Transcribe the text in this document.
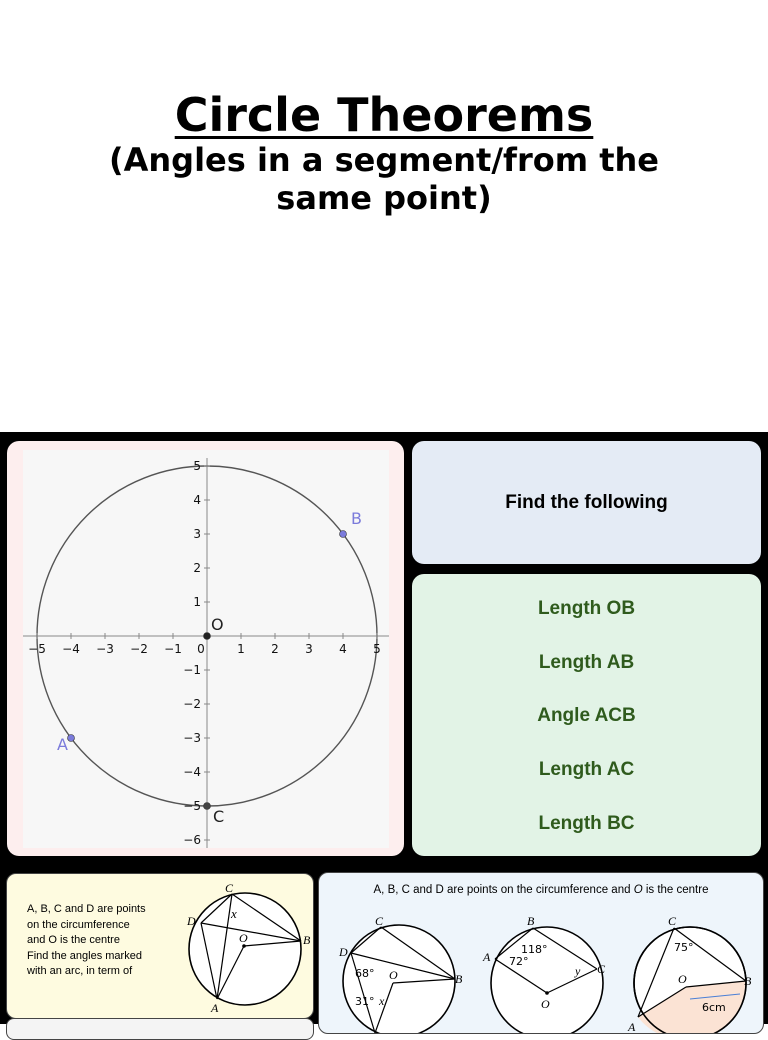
Circle Theorems
(Angles in a segment/from the
same point)
−5 −4 −3 −2 −1 0	1 2 3 4 5
5
4
3
2
1
−1
−2
−3
−4
−5
−6
A
B
O
C
Find the following
Length OB
Length AB
Angle ACB
Length AC
Length BC
A, B, C and D are points
on the circumference
and O is the centre
Find the angles marked
with an arc, in term of
C
D
O	B
A
x
A, B, C and D are points on the circumference and O is the centre
C
D
O	B
68°
31° x
B
A
C
O
118°
72°
y
C
O	B
A
75°
6cm
